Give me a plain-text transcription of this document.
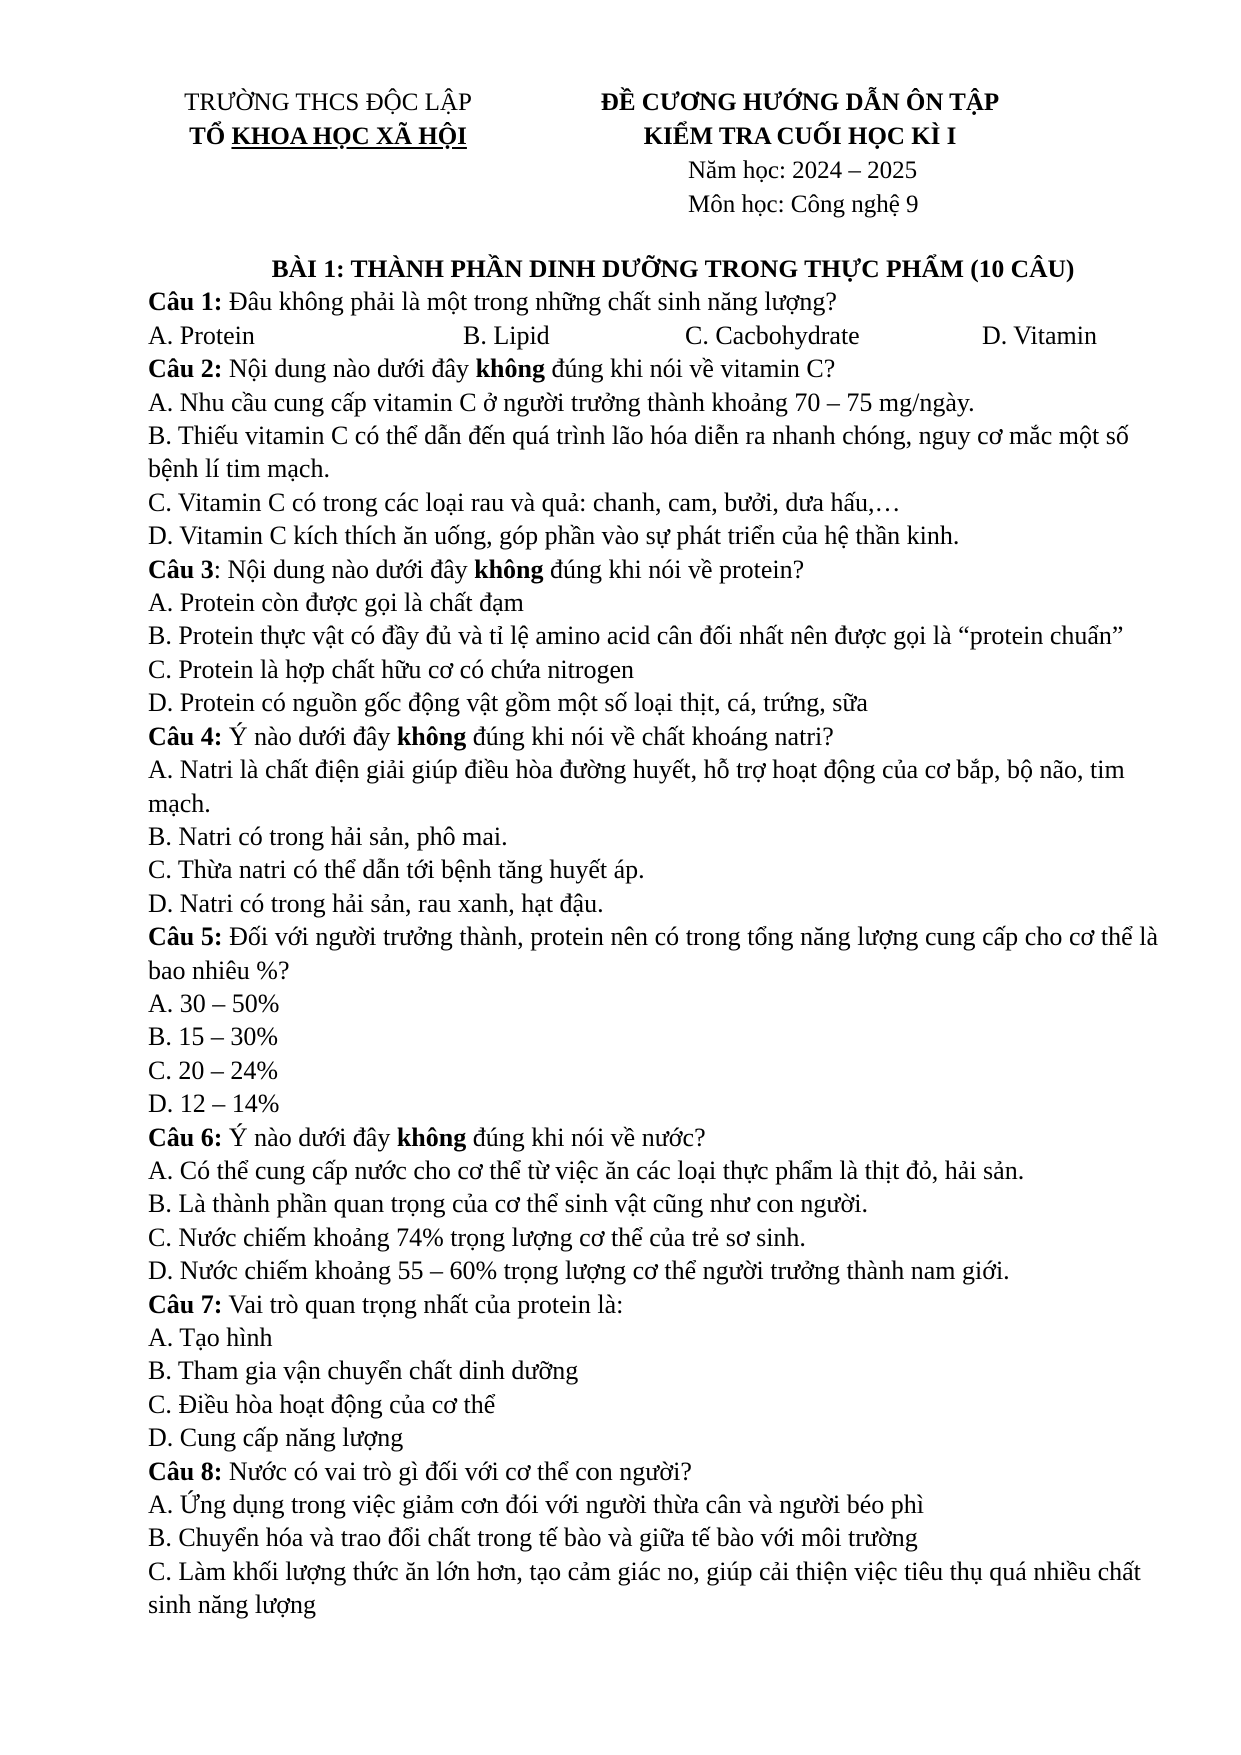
TRƯỜNG THCS ĐỘC LẬP
TỔ KHOA HỌC XÃ HỘI
ĐỀ CƯƠNG HƯỚNG DẪN ÔN TẬP
KIỂM TRA CUỐI HỌC KÌ I
Năm học: 2024 – 2025
Môn học: Công nghệ 9
BÀI 1: THÀNH PHẦN DINH DƯỠNG TRONG THỰC PHẨM (10 CÂU)
Câu 1: Đâu không phải là một trong những chất sinh năng lượng?
A. Protein	B. Lipid	C. Cacbohydrate	D. Vitamin
Câu 2: Nội dung nào dưới đây không đúng khi nói về vitamin C?
A. Nhu cầu cung cấp vitamin C ở người trưởng thành khoảng 70 – 75 mg/ngày.
B. Thiếu vitamin C có thể dẫn đến quá trình lão hóa diễn ra nhanh chóng, nguy cơ mắc một số bệnh lí tim mạch.
C. Vitamin C có trong các loại rau và quả: chanh, cam, bưởi, dưa hấu,…
D. Vitamin C kích thích ăn uống, góp phần vào sự phát triển của hệ thần kinh.
Câu 3: Nội dung nào dưới đây không đúng khi nói về protein?
A. Protein còn được gọi là chất đạm
B. Protein thực vật có đầy đủ và tỉ lệ amino acid cân đối nhất nên được gọi là “protein chuẩn”
C. Protein là hợp chất hữu cơ có chứa nitrogen
D. Protein có nguồn gốc động vật gồm một số loại thịt, cá, trứng, sữa
Câu 4: Ý nào dưới đây không đúng khi nói về chất khoáng natri?
A. Natri là chất điện giải giúp điều hòa đường huyết, hỗ trợ hoạt động của cơ bắp, bộ não, tim mạch.
B. Natri có trong hải sản, phô mai.
C. Thừa natri có thể dẫn tới bệnh tăng huyết áp.
D. Natri có trong hải sản, rau xanh, hạt đậu.
Câu 5: Đối với người trưởng thành, protein nên có trong tổng năng lượng cung cấp cho cơ thể là bao nhiêu %?
A. 30 – 50%
B. 15 – 30%
C. 20 – 24%
D. 12 – 14%
Câu 6: Ý nào dưới đây không đúng khi nói về nước?
A. Có thể cung cấp nước cho cơ thể từ việc ăn các loại thực phẩm là thịt đỏ, hải sản.
B. Là thành phần quan trọng của cơ thể sinh vật cũng như con người.
C. Nước chiếm khoảng 74% trọng lượng cơ thể của trẻ sơ sinh.
D. Nước chiếm khoảng 55 – 60% trọng lượng cơ thể người trưởng thành nam giới.
Câu 7: Vai trò quan trọng nhất của protein là:
A. Tạo hình
B. Tham gia vận chuyển chất dinh dưỡng
C. Điều hòa hoạt động của cơ thể
D. Cung cấp năng lượng
Câu 8: Nước có vai trò gì đối với cơ thể con người?
A. Ứng dụng trong việc giảm cơn đói với người thừa cân và người béo phì
B. Chuyển hóa và trao đổi chất trong tế bào và giữa tế bào với môi trường
C. Làm khối lượng thức ăn lớn hơn, tạo cảm giác no, giúp cải thiện việc tiêu thụ quá nhiều chất sinh năng lượng
